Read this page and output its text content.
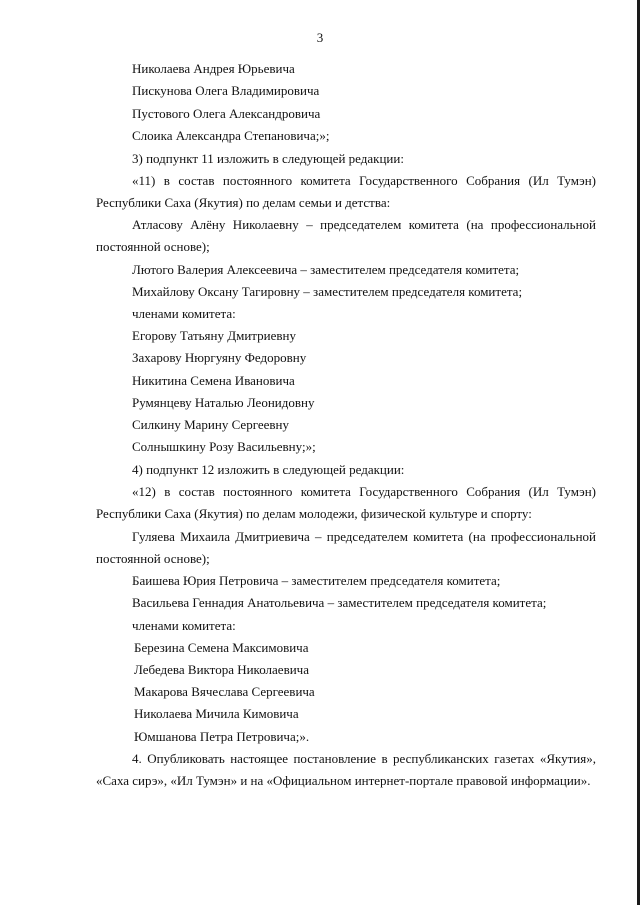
3
Николаева Андрея Юрьевича
Пискунова Олега Владимировича
Пустового Олега Александровича
Слоика Александра Степановича;»;
3) подпункт 11 изложить в следующей редакции:
«11) в состав постоянного комитета Государственного Собрания (Ил Тумэн)
Республики Саха (Якутия) по делам семьи и детства:
Атласову Алёну Николаевну – председателем комитета (на профессиональной
постоянной основе);
Лютого Валерия Алексеевича – заместителем председателя комитета;
Михайлову Оксану Тагировну – заместителем председателя комитета;
членами комитета:
Егорову Татьяну Дмитриевну
Захарову Нюргуяну Федоровну
Никитина Семена Ивановича
Румянцеву Наталью Леонидовну
Силкину Марину Сергеевну
Солнышкину Розу Васильевну;»;
4) подпункт 12 изложить в следующей редакции:
«12) в состав постоянного комитета Государственного Собрания (Ил Тумэн)
Республики Саха (Якутия) по делам молодежи, физической культуре и спорту:
Гуляева Михаила Дмитриевича – председателем комитета (на профессиональной
постоянной основе);
Баишева Юрия Петровича – заместителем председателя комитета;
Васильева Геннадия Анатольевича – заместителем председателя комитета;
членами комитета:
Березина Семена Максимовича
Лебедева Виктора Николаевича
Макарова Вячеслава Сергеевича
Николаева Мичила Кимовича
Юмшанова Петра Петровича;».
4. Опубликовать настоящее постановление в республиканских газетах «Якутия»,
«Саха сирэ», «Ил Тумэн» и на «Официальном интернет-портале правовой информации».
